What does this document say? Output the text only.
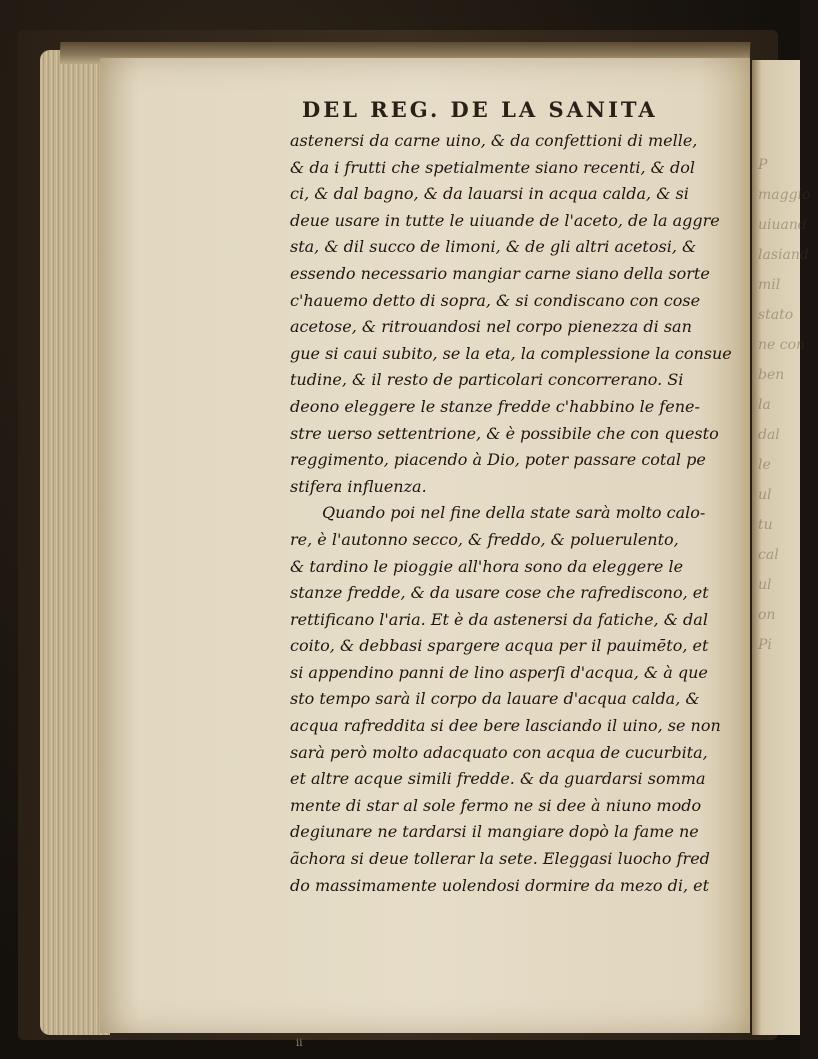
P
maggio
uiuand
lasiand
mil
stato
ne con
ben
la
dal
le
ul
tu
cal
ul
on
Pi
DEL REG. DE LA SANITA
astenersi da carne uino, & da confettioni di melle,
& da i frutti che spetialmente siano recenti, & dol
ci, & dal bagno, & da lauarsi in acqua calda, & si
deue usare in tutte le uiuande de l'aceto, de la aggre
sta, & dil succo de limoni, & de gli altri acetosi, &
essendo necessario mangiar carne siano della sorte
c'hauemo detto di sopra, & si condiscano con cose
acetose, & ritrouandosi nel corpo pienezza di san
gue si caui subito, se la eta, la complessione la consue
tudine, & il resto de particolari concorrerano. Si
deono eleggere le stanze fredde c'habbino le fene-
stre uerso settentrione, & è possibile che con questo
reggimento, piacendo à Dio, poter passare cotal pe
stifera influenza.
Quando poi nel fine della state sarà molto calo-
re, è l'autonno secco, & freddo, & poluerulento,
& tardino le pioggie all'hora sono da eleggere le
stanze fredde, & da usare cose che rafrediscono, et
rettificano l'aria. Et è da astenersi da fatiche, & dal
coito, & debbasi spargere acqua per il pauimēto, et
si appendino panni de lino asperſi d'acqua, & à que
sto tempo sarà il corpo da lauare d'acqua calda, &
acqua rafreddita si dee bere lasciando il uino, se non
sarà però molto adacquato con acqua de cucurbita,
et altre acque simili fredde. & da guardarsi somma
mente di star al sole fermo ne si dee à niuno modo
degiunare ne tardarsi il mangiare dopò la fame ne
ãchora si deue tollerar la sete. Eleggasi luocho fred
do massimamente uolendosi dormire da mezo di, et
ii
